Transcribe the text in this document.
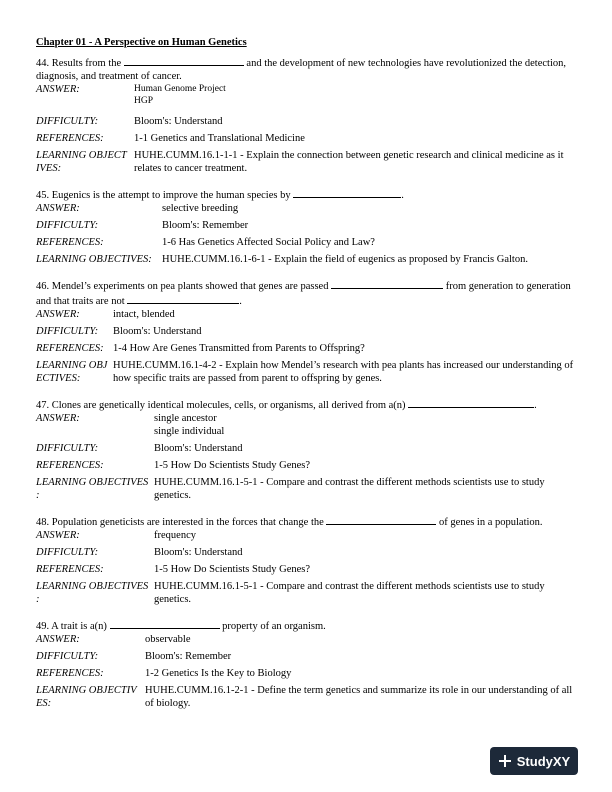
Chapter 01 - A Perspective on Human Genetics
44. Results from the	and the development of new technologies have revolutionized the detection, diagnosis, and treatment of cancer.
ANSWER:	Human Genome Project
HGP
DIFFICULTY:	Bloom's: Understand
REFERENCES:	1-1 Genetics and Translational Medicine
LEARNING OBJECT
IVES:
HUHE.CUMM.16.1-1-1 - Explain the connection between genetic research and clinical medicine as it relates to cancer treatment.
45. Eugenics is the attempt to improve the human species by	.
ANSWER:	selective breeding
DIFFICULTY:	Bloom's: Remember
REFERENCES:	1-6 Has Genetics Affected Social Policy and Law?
LEARNING OBJECTIVES: HUHE.CUMM.16.1-6-1 - Explain the field of eugenics as proposed by Francis Galton.
46. Mendel’s experiments on pea plants showed that genes are passed	from generation to generation and that traits are not	.
ANSWER:	intact, blended
DIFFICULTY:	Bloom's: Understand
REFERENCES: 1-4 How Are Genes Transmitted from Parents to Offspring?
LEARNING OBJ
ECTIVES:
HUHE.CUMM.16.1-4-2 - Explain how Mendel’s research with pea plants has increased our understanding of how specific traits are passed from parent to offspring by genes.
47. Clones are genetically identical molecules, cells, or organisms, all derived from a(n)	.
ANSWER:	single ancestor
single individual
DIFFICULTY:	Bloom's: Understand
REFERENCES:	1-5 How Do Scientists Study Genes?
LEARNING OBJECTIVES
:
HUHE.CUMM.16.1-5-1 - Compare and contrast the different methods scientists use to study genetics.
48. Population geneticists are interested in the forces that change the	of genes in a population.
ANSWER:	frequency
DIFFICULTY:	Bloom's: Understand
REFERENCES:	1-5 How Do Scientists Study Genes?
LEARNING OBJECTIVES
:
HUHE.CUMM.16.1-5-1 - Compare and contrast the different methods scientists use to study genetics.
49. A trait is a(n)	property of an organism.
ANSWER:	observable
DIFFICULTY:	Bloom's: Remember
REFERENCES:	1-2 Genetics Is the Key to Biology
LEARNING OBJECTIV
ES:
HUHE.CUMM.16.1-2-1 - Define the term genetics and summarize its role in our understanding of all of biology.
StudyXY
